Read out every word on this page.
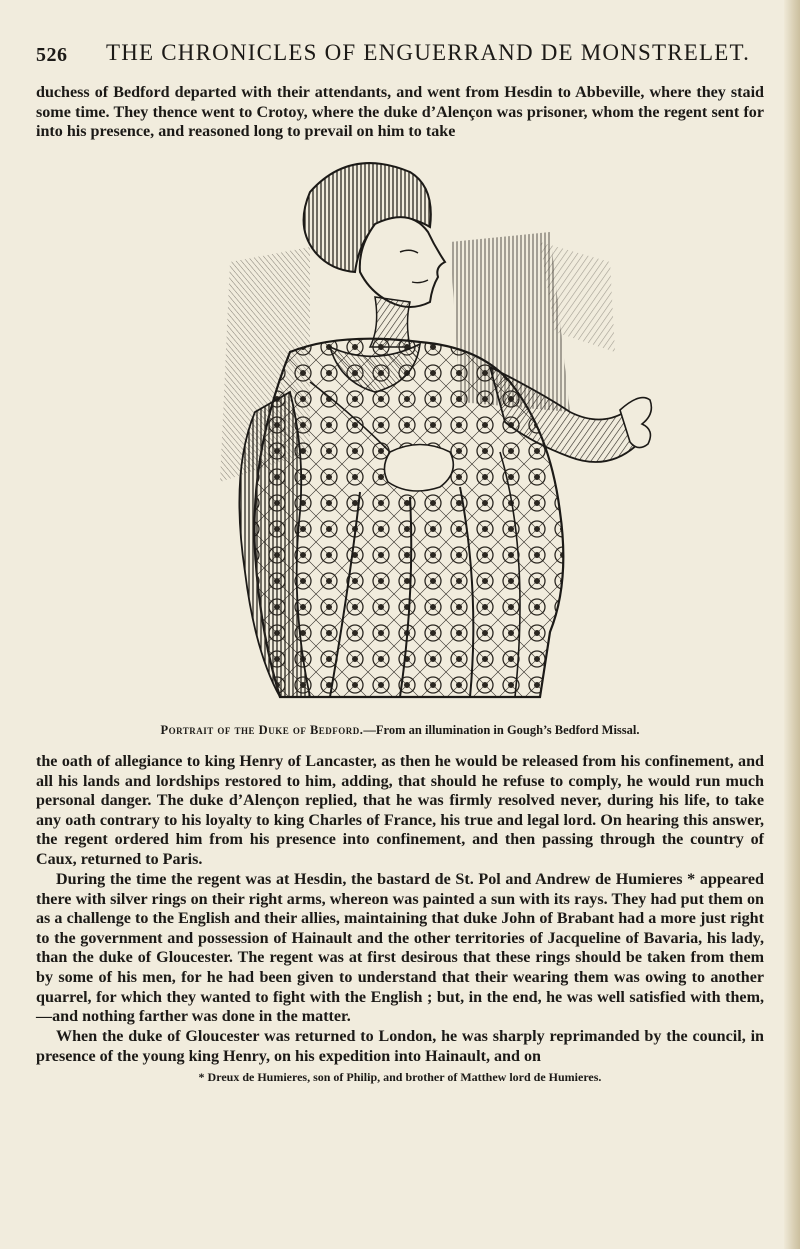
526 THE CHRONICLES OF ENGUERRAND DE MONSTRELET.

duchess of Bedford departed with their attendants, and went from Hesdin to Abbeville, where they staid some time. They thence went to Crotoy, where the duke d’Alençon was prisoner, whom the regent sent for into his presence, and reasoned long to prevail on him to take

Portrait of the Duke of Bedford.—From an illumination in Gough’s Bedford Missal.

the oath of allegiance to king Henry of Lancaster, as then he would be released from his confinement, and all his lands and lordships restored to him, adding, that should he refuse to comply, he would run much personal danger. The duke d’Alençon replied, that he was firmly resolved never, during his life, to take any oath contrary to his loyalty to king Charles of France, his true and legal lord. On hearing this answer, the regent ordered him from his presence into confinement, and then passing through the country of Caux, returned to Paris.

During the time the regent was at Hesdin, the bastard de St. Pol and Andrew de Humieres * appeared there with silver rings on their right arms, whereon was painted a sun with its rays. They had put them on as a challenge to the English and their allies, maintaining that duke John of Brabant had a more just right to the government and possession of Hainault and the other territories of Jacqueline of Bavaria, his lady, than the duke of Gloucester. The regent was at first desirous that these rings should be taken from them by some of his men, for he had been given to understand that their wearing them was owing to another quarrel, for which they wanted to fight with the English ; but, in the end, he was well satisfied with them,—and nothing farther was done in the matter.

When the duke of Gloucester was returned to London, he was sharply reprimanded by the council, in presence of the young king Henry, on his expedition into Hainault, and on

* Dreux de Humieres, son of Philip, and brother of Matthew lord de Humieres.
